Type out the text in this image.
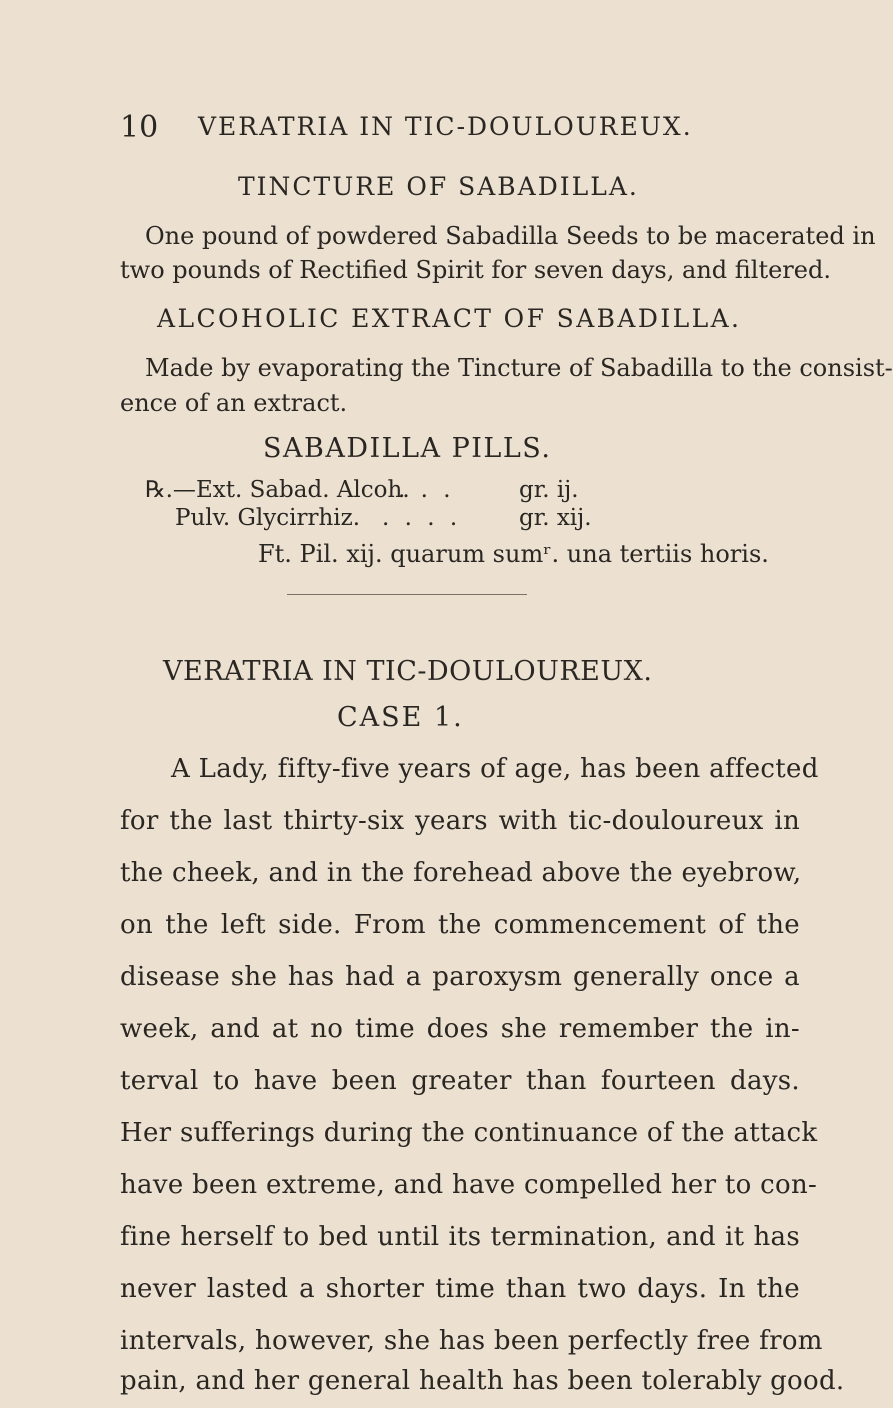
10 VERATRIA IN TIC-DOULOUREUX.
TINCTURE OF SABADILLA.
One pound of powdered Sabadilla Seeds to be macerated in
two pounds of Rectified Spirit for seven days, and filtered.
ALCOHOLIC EXTRACT OF SABADILLA.
Made by evaporating the Tincture of Sabadilla to the consist-
ence of an extract.
SABADILLA PILLS.
℞.—Ext. Sabad. Alcoh.
. . .	gr. ij.
Pulv. Glycirrhiz. . . . .	gr. xij.
Ft. Pil. xij. quarum sumʳ. una tertiis horis.
VERATRIA IN TIC-DOULOUREUX.
CASE 1.
A Lady, fifty-five years of age, has been affected
for the last thirty-six years with tic-douloureux in
the cheek, and in the forehead above the eyebrow,
on the left side. From the commencement of the
disease she has had a paroxysm generally once a
week, and at no time does she remember the in-
terval to have been greater than fourteen days.
Her sufferings during the continuance of the attack
have been extreme, and have compelled her to con-
fine herself to bed until its termination, and it has
never lasted a shorter time than two days. In the
intervals, however, she has been perfectly free from
pain, and her general health has been tolerably good.
